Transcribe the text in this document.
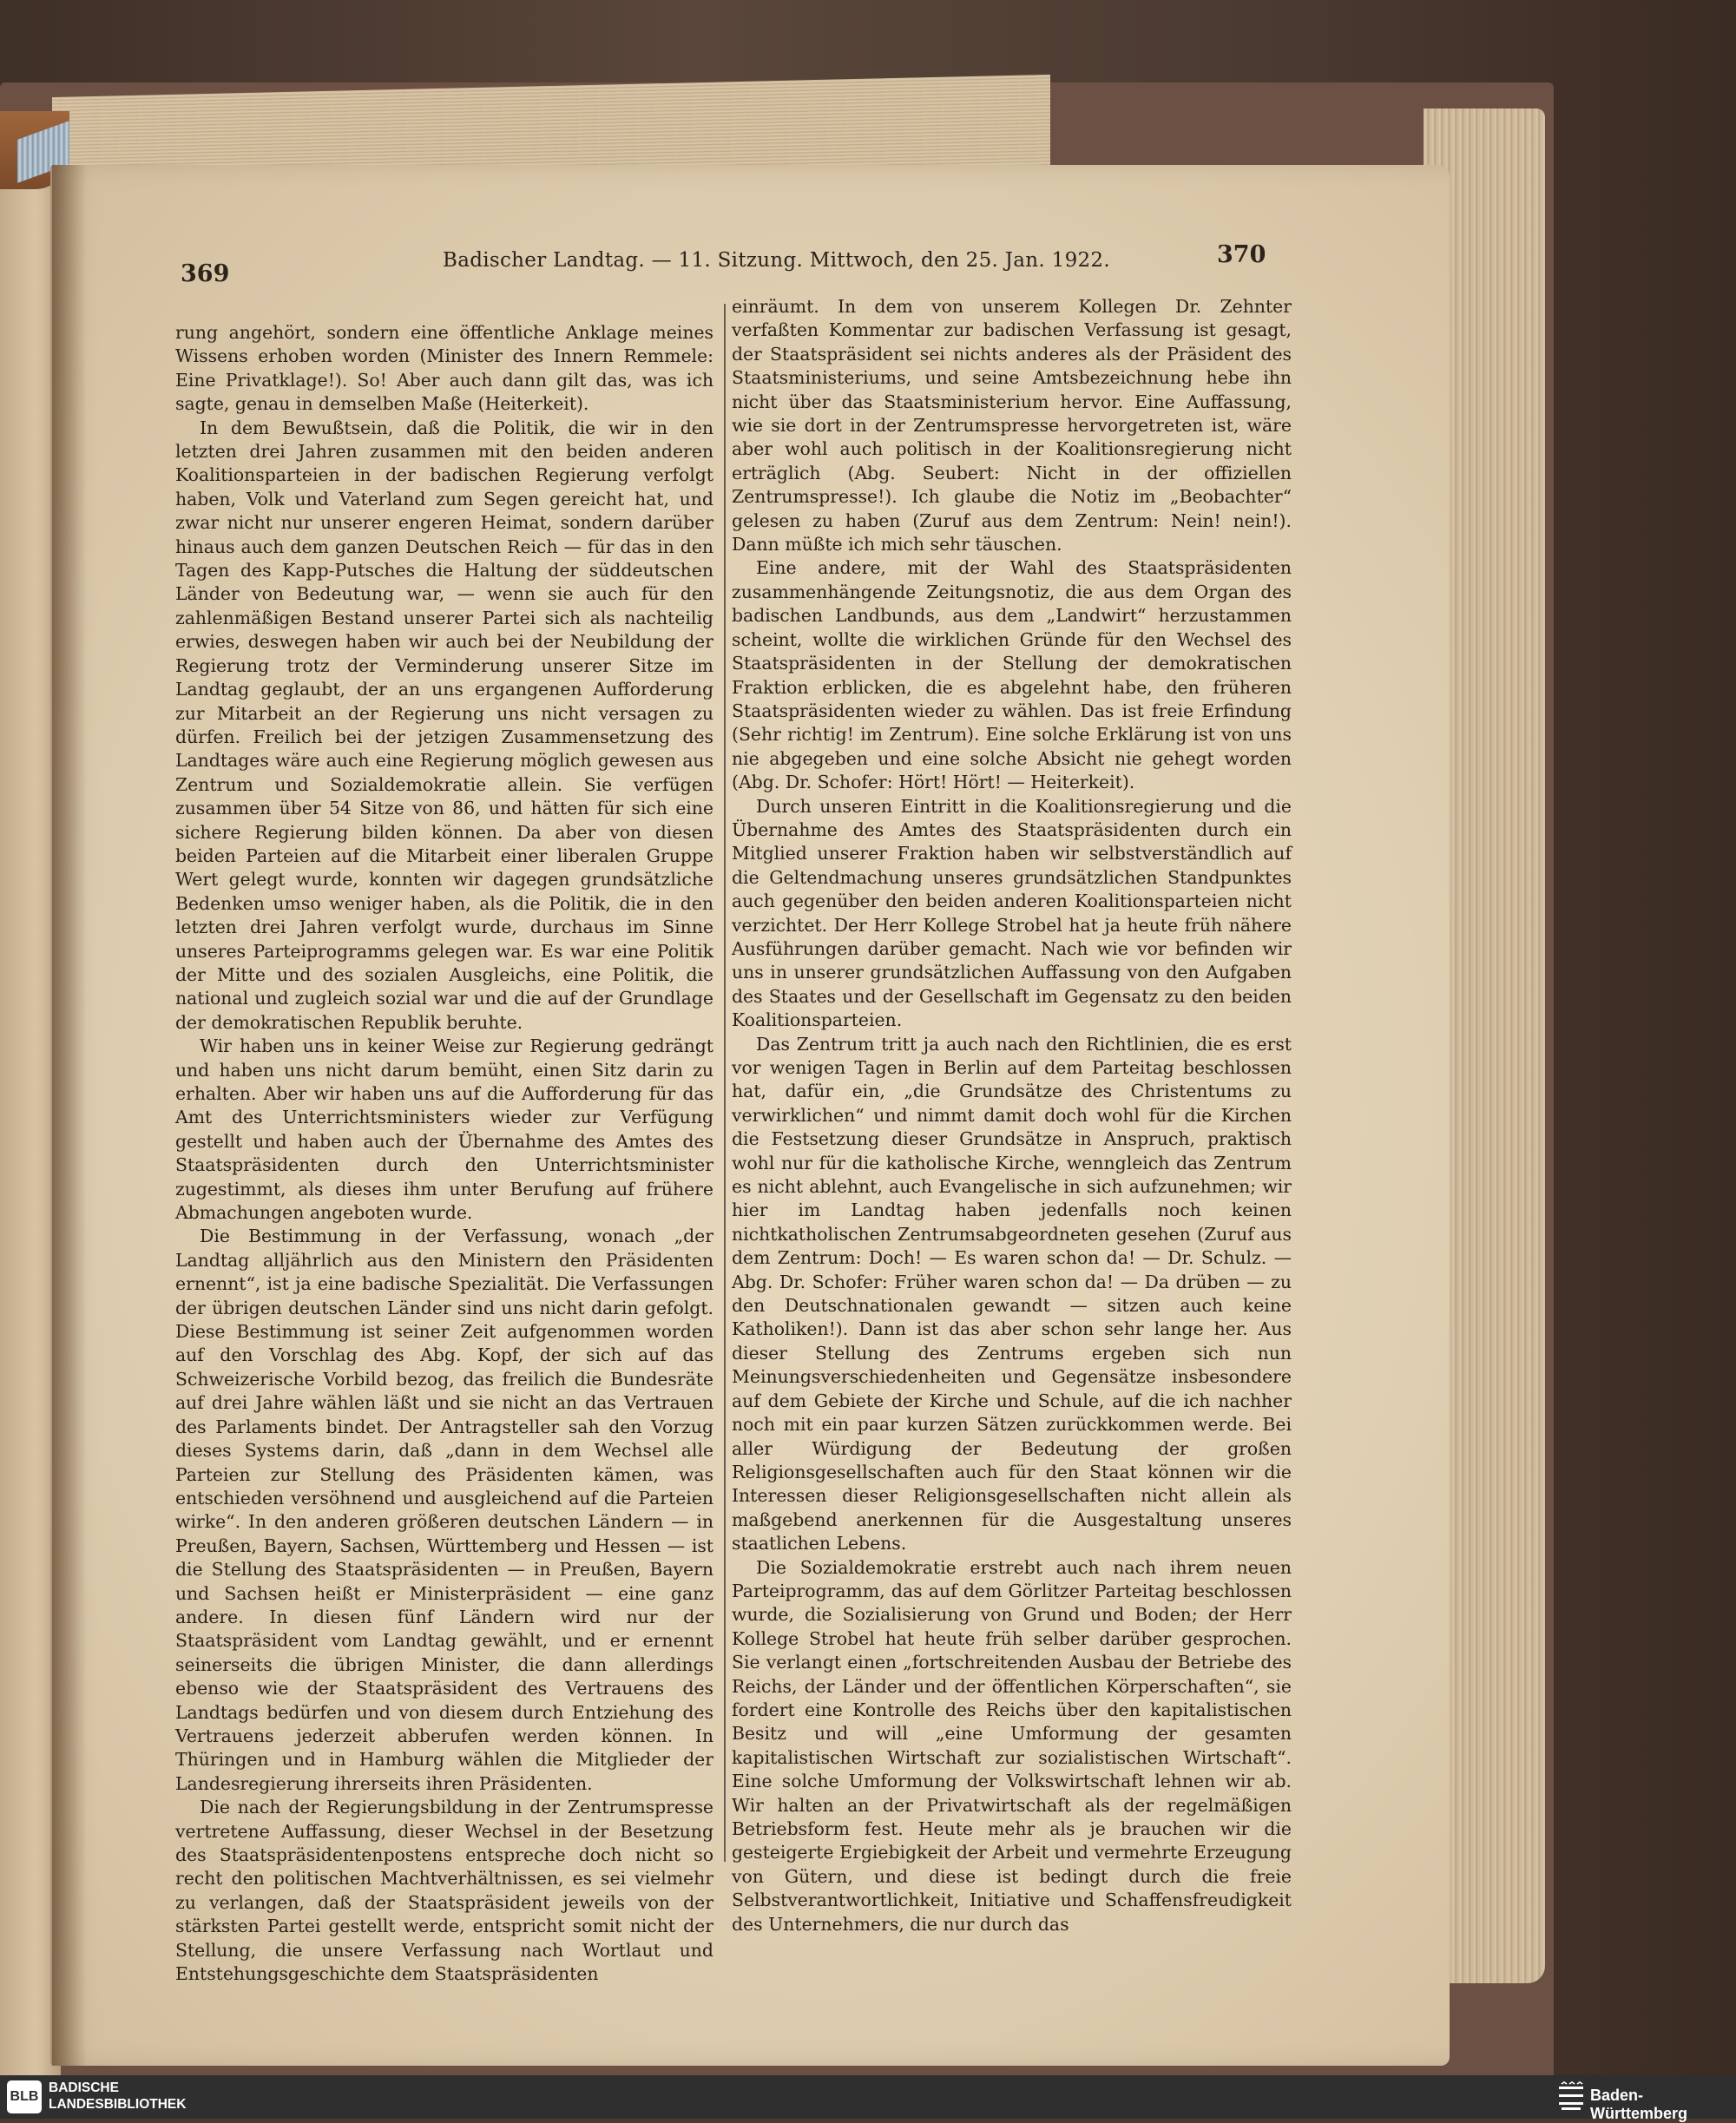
369	Badischer Landtag. — 11. Sitzung. Mittwoch, den 25. Jan. 1922.	370

rung angehört, sondern eine öffentliche Anklage meines Wissens erhoben worden (Minister des Innern Remmele: Eine Privatklage!). So! Aber auch dann gilt das, was ich sagte, genau in demselben Maße (Heiterkeit).

In dem Bewußtsein, daß die Politik, die wir in den letzten drei Jahren zusammen mit den beiden anderen Koalitionsparteien in der badischen Regierung verfolgt haben, Volk und Vaterland zum Segen gereicht hat, und zwar nicht nur unserer engeren Heimat, sondern darüber hinaus auch dem ganzen Deutschen Reich — für das in den Tagen des Kapp-Putsches die Haltung der süddeutschen Länder von Bedeutung war, — wenn sie auch für den zahlenmäßigen Bestand unserer Partei sich als nachteilig erwies, deswegen haben wir auch bei der Neubildung der Regierung trotz der Verminderung unserer Sitze im Landtag geglaubt, der an uns ergangenen Aufforderung zur Mitarbeit an der Regierung uns nicht versagen zu dürfen. Freilich bei der jetzigen Zusammensetzung des Landtages wäre auch eine Regierung möglich gewesen aus Zentrum und Sozialdemokratie allein. Sie verfügen zusammen über 54 Sitze von 86, und hätten für sich eine sichere Regierung bilden können. Da aber von diesen beiden Parteien auf die Mitarbeit einer liberalen Gruppe Wert gelegt wurde, konnten wir dagegen grundsätzliche Bedenken umso weniger haben, als die Politik, die in den letzten drei Jahren verfolgt wurde, durchaus im Sinne unseres Parteiprogramms gelegen war. Es war eine Politik der Mitte und des sozialen Ausgleichs, eine Politik, die national und zugleich sozial war und die auf der Grundlage der demokratischen Republik beruhte.

Wir haben uns in keiner Weise zur Regierung gedrängt und haben uns nicht darum bemüht, einen Sitz darin zu erhalten. Aber wir haben uns auf die Aufforderung für das Amt des Unterrichtsministers wieder zur Verfügung gestellt und haben auch der Übernahme des Amtes des Staatspräsidenten durch den Unterrichtsminister zugestimmt, als dieses ihm unter Berufung auf frühere Abmachungen angeboten wurde.

Die Bestimmung in der Verfassung, wonach „der Landtag alljährlich aus den Ministern den Präsidenten ernennt“, ist ja eine badische Spezialität. Die Verfassungen der übrigen deutschen Länder sind uns nicht darin gefolgt. Diese Bestimmung ist seiner Zeit aufgenommen worden auf den Vorschlag des Abg. Kopf, der sich auf das Schweizerische Vorbild bezog, das freilich die Bundesräte auf drei Jahre wählen läßt und sie nicht an das Vertrauen des Parlaments bindet. Der Antragsteller sah den Vorzug dieses Systems darin, daß „dann in dem Wechsel alle Parteien zur Stellung des Präsidenten kämen, was entschieden versöhnend und ausgleichend auf die Parteien wirke“. In den anderen größeren deutschen Ländern — in Preußen, Bayern, Sachsen, Württemberg und Hessen — ist die Stellung des Staatspräsidenten — in Preußen, Bayern und Sachsen heißt er Ministerpräsident — eine ganz andere. In diesen fünf Ländern wird nur der Staatspräsident vom Landtag gewählt, und er ernennt seinerseits die übrigen Minister, die dann allerdings ebenso wie der Staatspräsident des Vertrauens des Landtags bedürfen und von diesem durch Entziehung des Vertrauens jederzeit abberufen werden können. In Thüringen und in Hamburg wählen die Mitglieder der Landesregierung ihrerseits ihren Präsidenten.

Die nach der Regierungsbildung in der Zentrumspresse vertretene Auffassung, dieser Wechsel in der Besetzung des Staatspräsidentenpostens entspreche doch nicht so recht den politischen Machtverhältnissen, es sei vielmehr zu verlangen, daß der Staatspräsident jeweils von der stärksten Partei gestellt werde, entspricht somit nicht der Stellung, die unsere Verfassung nach Wortlaut und Entstehungsgeschichte dem Staatspräsidenten

einräumt. In dem von unserem Kollegen Dr. Zehnter verfaßten Kommentar zur badischen Verfassung ist gesagt, der Staatspräsident sei nichts anderes als der Präsident des Staatsministeriums, und seine Amtsbezeichnung hebe ihn nicht über das Staatsministerium hervor. Eine Auffassung, wie sie dort in der Zentrumspresse hervorgetreten ist, wäre aber wohl auch politisch in der Koalitionsregierung nicht erträglich (Abg. Seubert: Nicht in der offiziellen Zentrumspresse!). Ich glaube die Notiz im „Beobachter“ gelesen zu haben (Zuruf aus dem Zentrum: Nein! nein!). Dann müßte ich mich sehr täuschen.

Eine andere, mit der Wahl des Staatspräsidenten zusammenhängende Zeitungsnotiz, die aus dem Organ des badischen Landbunds, aus dem „Landwirt“ herzustammen scheint, wollte die wirklichen Gründe für den Wechsel des Staatspräsidenten in der Stellung der demokratischen Fraktion erblicken, die es abgelehnt habe, den früheren Staatspräsidenten wieder zu wählen. Das ist freie Erfindung (Sehr richtig! im Zentrum). Eine solche Erklärung ist von uns nie abgegeben und eine solche Absicht nie gehegt worden (Abg. Dr. Schofer: Hört! Hört! — Heiterkeit).

Durch unseren Eintritt in die Koalitionsregierung und die Übernahme des Amtes des Staatspräsidenten durch ein Mitglied unserer Fraktion haben wir selbstverständlich auf die Geltendmachung unseres grundsätzlichen Standpunktes auch gegenüber den beiden anderen Koalitionsparteien nicht verzichtet. Der Herr Kollege Strobel hat ja heute früh nähere Ausführungen darüber gemacht. Nach wie vor befinden wir uns in unserer grundsätzlichen Auffassung von den Aufgaben des Staates und der Gesellschaft im Gegensatz zu den beiden Koalitionsparteien.

Das Zentrum tritt ja auch nach den Richtlinien, die es erst vor wenigen Tagen in Berlin auf dem Parteitag beschlossen hat, dafür ein, „die Grundsätze des Christentums zu verwirklichen“ und nimmt damit doch wohl für die Kirchen die Festsetzung dieser Grundsätze in Anspruch, praktisch wohl nur für die katholische Kirche, wenngleich das Zentrum es nicht ablehnt, auch Evangelische in sich aufzunehmen; wir hier im Landtag haben jedenfalls noch keinen nichtkatholischen Zentrumsabgeordneten gesehen (Zuruf aus dem Zentrum: Doch! — Es waren schon da! — Dr. Schulz. — Abg. Dr. Schofer: Früher waren schon da! — Da drüben — zu den Deutschnationalen gewandt — sitzen auch keine Katholiken!). Dann ist das aber schon sehr lange her. Aus dieser Stellung des Zentrums ergeben sich nun Meinungsverschiedenheiten und Gegensätze insbesondere auf dem Gebiete der Kirche und Schule, auf die ich nachher noch mit ein paar kurzen Sätzen zurückkommen werde. Bei aller Würdigung der Bedeutung der großen Religionsgesellschaften auch für den Staat können wir die Interessen dieser Religionsgesellschaften nicht allein als maßgebend anerkennen für die Ausgestaltung unseres staatlichen Lebens.

Die Sozialdemokratie erstrebt auch nach ihrem neuen Parteiprogramm, das auf dem Görlitzer Parteitag beschlossen wurde, die Sozialisierung von Grund und Boden; der Herr Kollege Strobel hat heute früh selber darüber gesprochen. Sie verlangt einen „fortschreitenden Ausbau der Betriebe des Reichs, der Länder und der öffentlichen Körperschaften“, sie fordert eine Kontrolle des Reichs über den kapitalistischen Besitz und will „eine Umformung der gesamten kapitalistischen Wirtschaft zur sozialistischen Wirtschaft“. Eine solche Umformung der Volkswirtschaft lehnen wir ab. Wir halten an der Privatwirtschaft als der regelmäßigen Betriebsform fest. Heute mehr als je brauchen wir die gesteigerte Ergiebigkeit der Arbeit und vermehrte Erzeugung von Gütern, und diese ist bedingt durch die freie Selbstverantwortlichkeit, Initiative und Schaffensfreudigkeit des Unternehmers, die nur durch das

BLB
BADISCHE
LANDESBIBLIOTHEK
Baden-Württemberg
